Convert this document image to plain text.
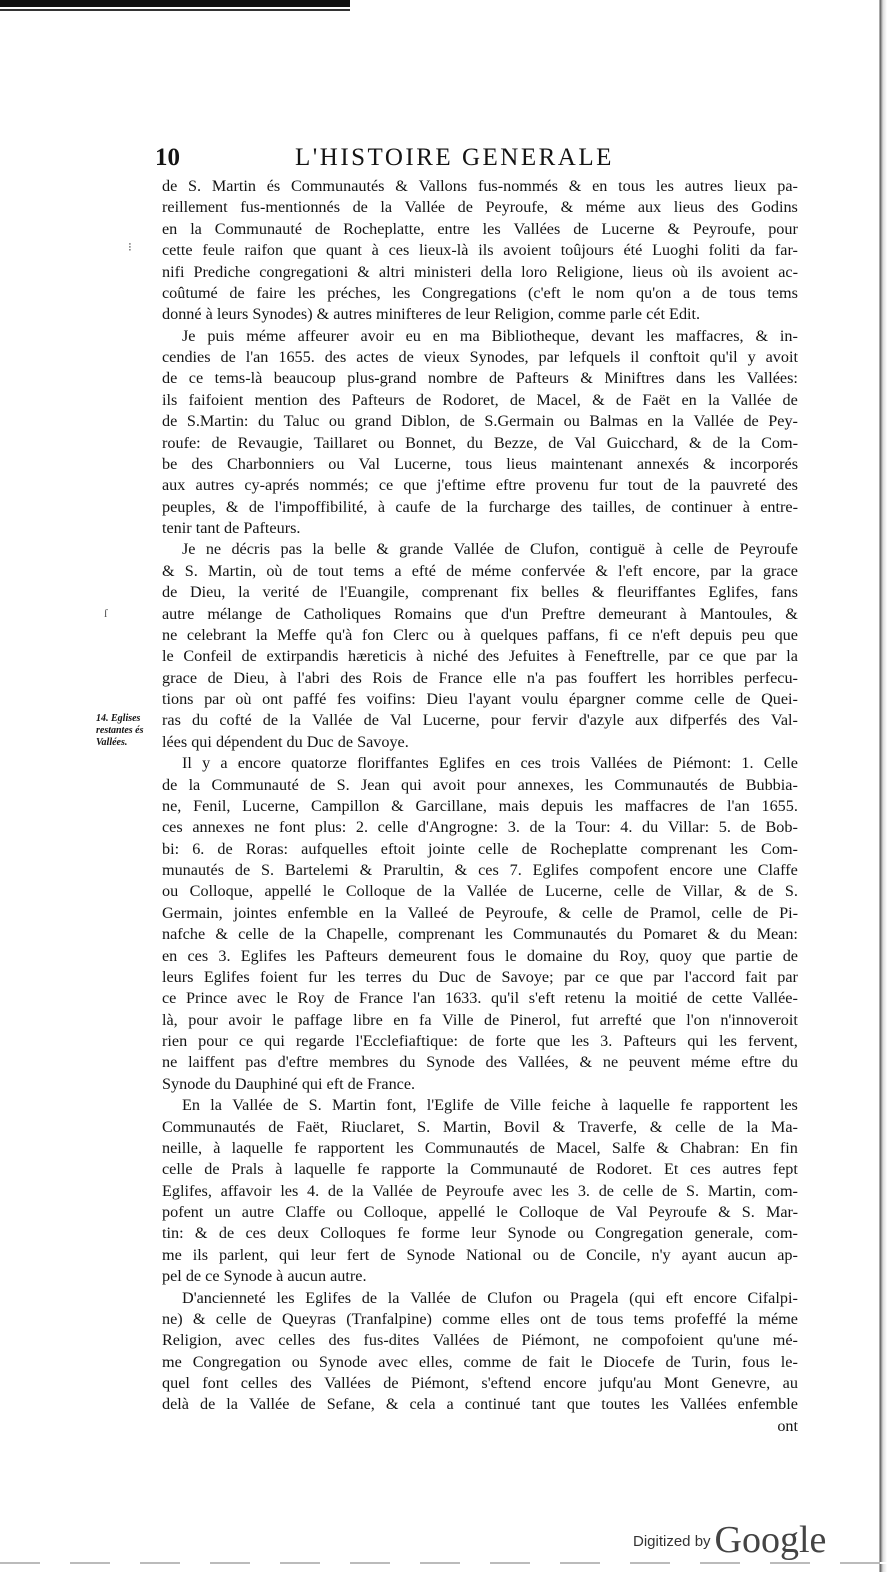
10	L'HISTOIRE GENERALE
14. Eglises
restantes és
Vallées.
⁝
ſ
de S. Martin és Communautés & Vallons fus-nommés & en tous les autres lieux pa-
reillement fus-mentionnés de la Vallée de Peyroufe, & méme aux lieus des Godins
en la Communauté de Rocheplatte, entre les Vallées de Lucerne & Peyroufe, pour
cette feule raifon que quant à ces lieux-là ils avoient toûjours été Luoghi foliti da far-
nifi Prediche congregationi & altri ministeri della loro Religione, lieus où ils avoient ac-
coûtumé de faire les préches, les Congregations (c'eft le nom qu'on a de tous tems
donné à leurs Synodes) & autres minifteres de leur Religion, comme parle cét Edit.
Je puis méme affeurer avoir eu en ma Bibliotheque, devant les maffacres, & in-
cendies de l'an 1655. des actes de vieux Synodes, par lefquels il conftoit qu'il y avoit
de ce tems-là beaucoup plus-grand nombre de Pafteurs & Miniftres dans les Vallées:
ils faifoient mention des Pafteurs de Rodoret, de Macel, & de Faët en la Vallée de
de S.Martin: du Taluc ou grand Diblon, de S.Germain ou Balmas en la Vallée de Pey-
roufe: de Revaugie, Taillaret ou Bonnet, du Bezze, de Val Guicchard, & de la Com-
be des Charbonniers ou Val Lucerne, tous lieus maintenant annexés & incorporés
aux autres cy-aprés nommés; ce que j'eftime eftre provenu fur tout de la pauvreté des
peuples, & de l'impoffibilité, à caufe de la furcharge des tailles, de continuer à entre-
tenir tant de Pafteurs.
Je ne décris pas la belle & grande Vallée de Clufon, contiguë à celle de Peyroufe
& S. Martin, où de tout tems a efté de méme confervée & l'eft encore, par la grace
de Dieu, la verité de l'Euangile, comprenant fix belles & fleuriffantes Eglifes, fans
autre mélange de Catholiques Romains que d'un Preftre demeurant à Mantoules, &
ne celebrant la Meffe qu'à fon Clerc ou à quelques paffans, fi ce n'eft depuis peu que
le Confeil de extirpandis hæreticis à niché des Jefuites à Feneftrelle, par ce que par la
grace de Dieu, à l'abri des Rois de France elle n'a pas fouffert les horribles perfecu-
tions par où ont paffé fes voifins: Dieu l'ayant voulu épargner comme celle de Quei-
ras du cofté de la Vallée de Val Lucerne, pour fervir d'azyle aux difperfés des Val-
lées qui dépendent du Duc de Savoye.
Il y a encore quatorze floriffantes Eglifes en ces trois Vallées de Piémont: 1. Celle
de la Communauté de S. Jean qui avoit pour annexes, les Communautés de Bubbia-
ne, Fenil, Lucerne, Campillon & Garcillane, mais depuis les maffacres de l'an 1655.
ces annexes ne font plus: 2. celle d'Angrogne: 3. de la Tour: 4. du Villar: 5. de Bob-
bi: 6. de Roras: aufquelles eftoit jointe celle de Rocheplatte comprenant les Com-
munautés de S. Bartelemi & Prarultin, & ces 7. Eglifes compofent encore une Claffe
ou Colloque, appellé le Colloque de la Vallée de Lucerne, celle de Villar, & de S.
Germain, jointes enfemble en la Valleé de Peyroufe, & celle de Pramol, celle de Pi-
nafche & celle de la Chapelle, comprenant les Communautés du Pomaret & du Mean:
en ces 3. Eglifes les Pafteurs demeurent fous le domaine du Roy, quoy que partie de
leurs Eglifes foient fur les terres du Duc de Savoye; par ce que par l'accord fait par
ce Prince avec le Roy de France l'an 1633. qu'il s'eft retenu la moitié de cette Vallée-
là, pour avoir le paffage libre en fa Ville de Pinerol, fut arrefté que l'on n'innoveroit
rien pour ce qui regarde l'Ecclefiaftique: de forte que les 3. Pafteurs qui les fervent,
ne laiffent pas d'eftre membres du Synode des Vallées, & ne peuvent méme eftre du
Synode du Dauphiné qui eft de France.
En la Vallée de S. Martin font, l'Eglife de Ville feiche à laquelle fe rapportent les
Communautés de Faët, Riuclaret, S. Martin, Bovil & Traverfe, & celle de la Ma-
neille, à laquelle fe rapportent les Communautés de Macel, Salfe & Chabran: En fin
celle de Prals à laquelle fe rapporte la Communauté de Rodoret. Et ces autres fept
Eglifes, affavoir les 4. de la Vallée de Peyroufe avec les 3. de celle de S. Martin, com-
pofent un autre Claffe ou Colloque, appellé le Colloque de Val Peyroufe & S. Mar-
tin: & de ces deux Colloques fe forme leur Synode ou Congregation generale, com-
me ils parlent, qui leur fert de Synode National ou de Concile, n'y ayant aucun ap-
pel de ce Synode à aucun autre.
D'ancienneté les Eglifes de la Vallée de Clufon ou Pragela (qui eft encore Cifalpi-
ne) & celle de Queyras (Tranfalpine) comme elles ont de tous tems profeffé la méme
Religion, avec celles des fus-dites Vallées de Piémont, ne compofoient qu'une mé-
me Congregation ou Synode avec elles, comme de fait le Diocefe de Turin, fous le-
quel font celles des Vallées de Piémont, s'eftend encore jufqu'au Mont Genevre, au
delà de la Vallée de Sefane, & cela a continué tant que toutes les Vallées enfemble
ont
Digitized by Google
